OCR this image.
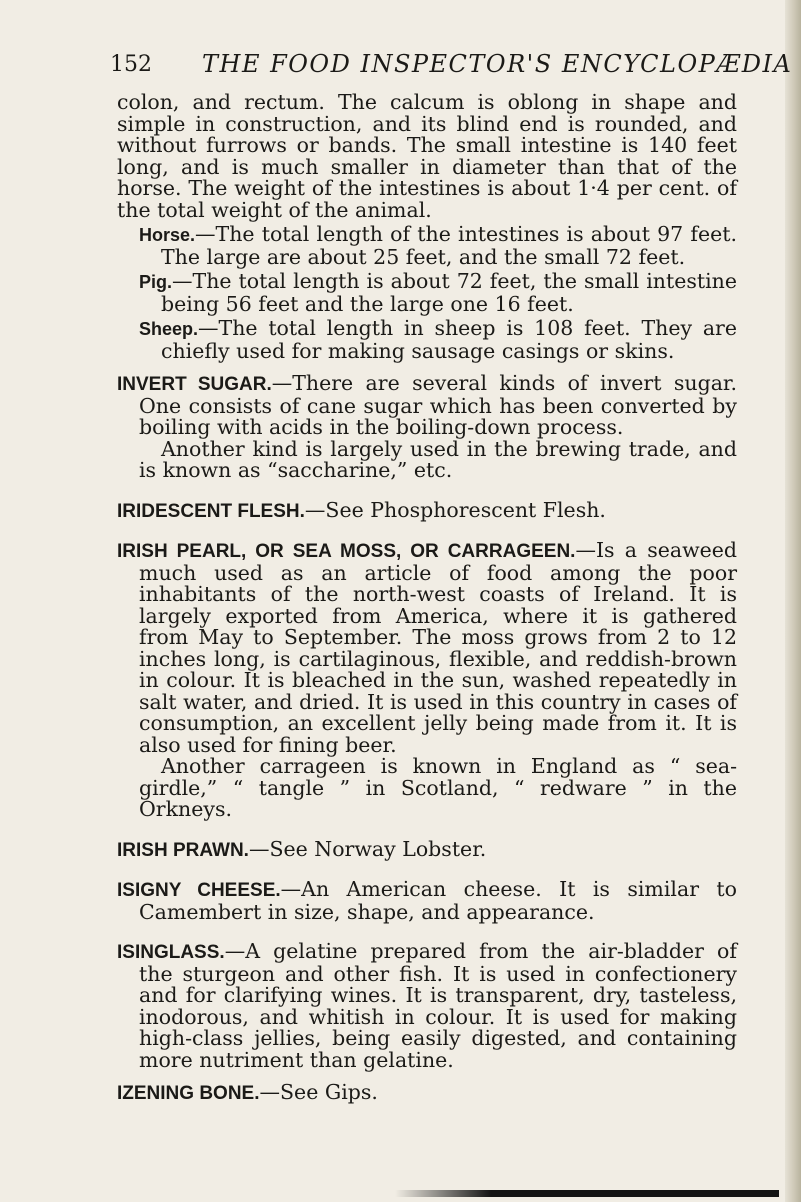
152 THE FOOD INSPECTOR'S ENCYCLOPÆDIA

colon, and rectum. The calcum is oblong in shape and simple in construction, and its blind end is rounded, and without furrows or bands. The small intestine is 140 feet long, and is much smaller in diameter than that of the horse. The weight of the intestines is about 1·4 per cent. of the total weight of the animal.

Horse.—The total length of the intestines is about 97 feet. The large are about 25 feet, and the small 72 feet.

Pig.—The total length is about 72 feet, the small intestine being 56 feet and the large one 16 feet.

Sheep.—The total length in sheep is 108 feet. They are chiefly used for making sausage casings or skins.

INVERT SUGAR.—There are several kinds of invert sugar. One consists of cane sugar which has been converted by boiling with acids in the boiling-down process.

Another kind is largely used in the brewing trade, and is known as “saccharine,” etc.

IRIDESCENT FLESH.—See Phosphorescent Flesh.

IRISH PEARL, OR SEA MOSS, OR CARRAGEEN.—Is a seaweed much used as an article of food among the poor inhabitants of the north-west coasts of Ireland. It is largely exported from America, where it is gathered from May to September. The moss grows from 2 to 12 inches long, is cartilaginous, flexible, and reddish-brown in colour. It is bleached in the sun, washed repeatedly in salt water, and dried. It is used in this country in cases of consumption, an excellent jelly being made from it. It is also used for fining beer.

Another carrageen is known in England as “ sea-girdle,” “ tangle ” in Scotland, “ redware ” in the Orkneys.

IRISH PRAWN.—See Norway Lobster.

ISIGNY CHEESE.—An American cheese. It is similar to Camembert in size, shape, and appearance.

ISINGLASS.—A gelatine prepared from the air-bladder of the sturgeon and other fish. It is used in confectionery and for clarifying wines. It is transparent, dry, tasteless, inodorous, and whitish in colour. It is used for making high-class jellies, being easily digested, and containing more nutriment than gelatine.

IZENING BONE.—See Gips.
